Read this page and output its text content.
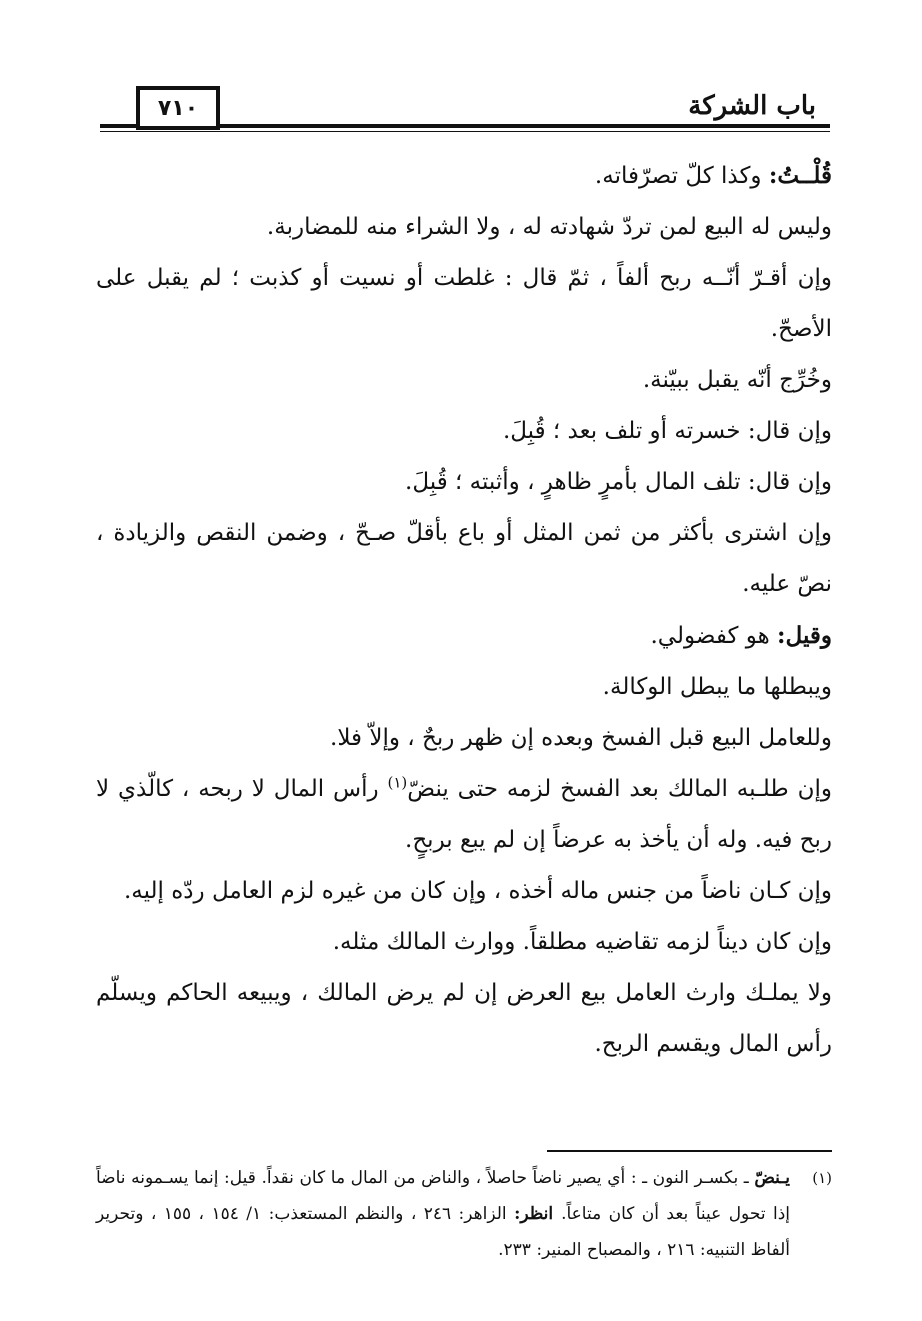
٧١٠	باب الشركة

قُلْــتُ: وكذا كلّ تصرّفاته.

وليس له البيع لمن تردّ شهادته له ، ولا الشراء منه للمضاربة.

وإن أقـرّ أنّــه ربح ألفاً ، ثمّ قال : غلطت أو نسيت أو كذبت ؛ لم يقبل على الأصحّ.

وخُرِّج أنّه يقبل ببيّنة.

وإن قال: خسرته أو تلف بعد ؛ قُبِلَ.

وإن قال: تلف المال بأمرٍ ظاهرٍ ، وأثبته ؛ قُبِلَ.

وإن اشترى بأكثر من ثمن المثل أو باع بأقلّ صـحّ ، وضمن النقص والزيادة ، نصّ عليه.

وقيل: هو كفضولي.

ويبطلها ما يبطل الوكالة.

وللعامل البيع قبل الفسخ وبعده إن ظهر ربحٌ ، وإلاّ فلا.

وإن طلـبه المالك بعد الفسخ لزمه حتى ينضّ$^{(١)}$ رأس المال لا ربحه ، كالّذي لا ربح فيه. وله أن يأخذ به عرضاً إن لم يبع بربحٍ.

وإن كـان ناضاً من جنس ماله أخذه ، وإن كان من غيره لزم العامل ردّه إليه.

وإن كان ديناً لزمه تقاضيه مطلقاً. ووارث المالك مثله.

ولا يملـك وارث العامل بيع العرض إن لم يرض المالك ، ويبيعه الحاكم ويسلّم رأس المال ويقسم الربح.

(١)
يـنضّ ـ بكسـر النون ـ : أي يصير ناضاً حاصلاً ، والناض من المال ما كان نقداً. قيل: إنما يسـمونه ناضاً إذا تحول عيناً بعد أن كان متاعاً. انظر: الزاهر: ٢٤٦ ، والنظم المستعذب: ١/ ١٥٤ ، ١٥٥ ، وتحرير ألفاظ التنبيه: ٢١٦ ، والمصباح المنير: ٢٣٣.
